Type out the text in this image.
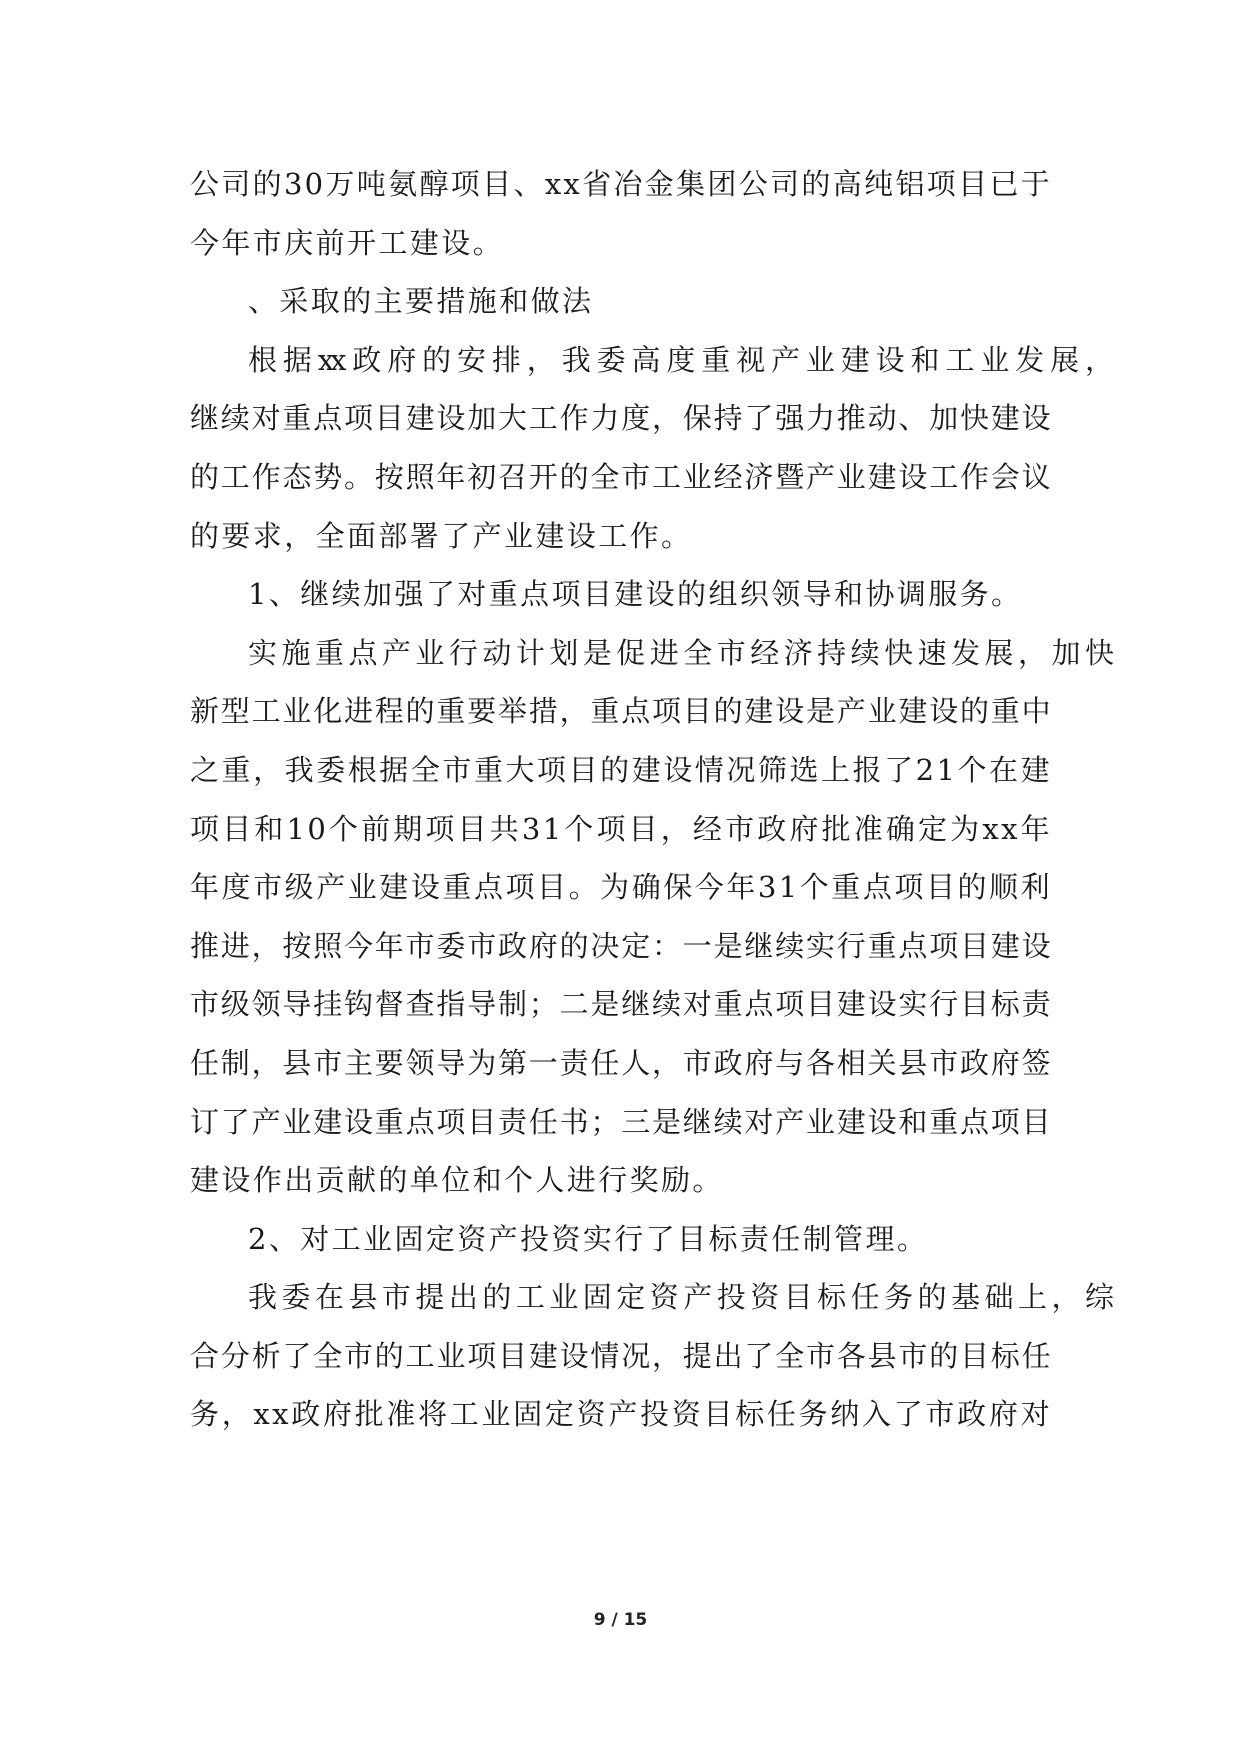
公司的30万吨氨醇项目、xx省冶金集团公司的高纯铝项目已于
今年市庆前开工建设。
、采取的主要措施和做法
根据xx政府的安排，我委高度重视产业建设和工业发展，
继续对重点项目建设加大工作力度，保持了强力推动、加快建设
的工作态势。按照年初召开的全市工业经济暨产业建设工作会议
的要求，全面部署了产业建设工作。
1、继续加强了对重点项目建设的组织领导和协调服务。
实施重点产业行动计划是促进全市经济持续快速发展，加快
新型工业化进程的重要举措，重点项目的建设是产业建设的重中
之重，我委根据全市重大项目的建设情况筛选上报了21个在建
项目和10个前期项目共31个项目，经市政府批准确定为xx年
年度市级产业建设重点项目。为确保今年31个重点项目的顺利
推进，按照今年市委市政府的决定：一是继续实行重点项目建设
市级领导挂钩督查指导制；二是继续对重点项目建设实行目标责
任制，县市主要领导为第一责任人，市政府与各相关县市政府签
订了产业建设重点项目责任书；三是继续对产业建设和重点项目
建设作出贡献的单位和个人进行奖励。
2、对工业固定资产投资实行了目标责任制管理。
我委在县市提出的工业固定资产投资目标任务的基础上，综
合分析了全市的工业项目建设情况，提出了全市各县市的目标任
务，xx政府批准将工业固定资产投资目标任务纳入了市政府对
9 / 15
